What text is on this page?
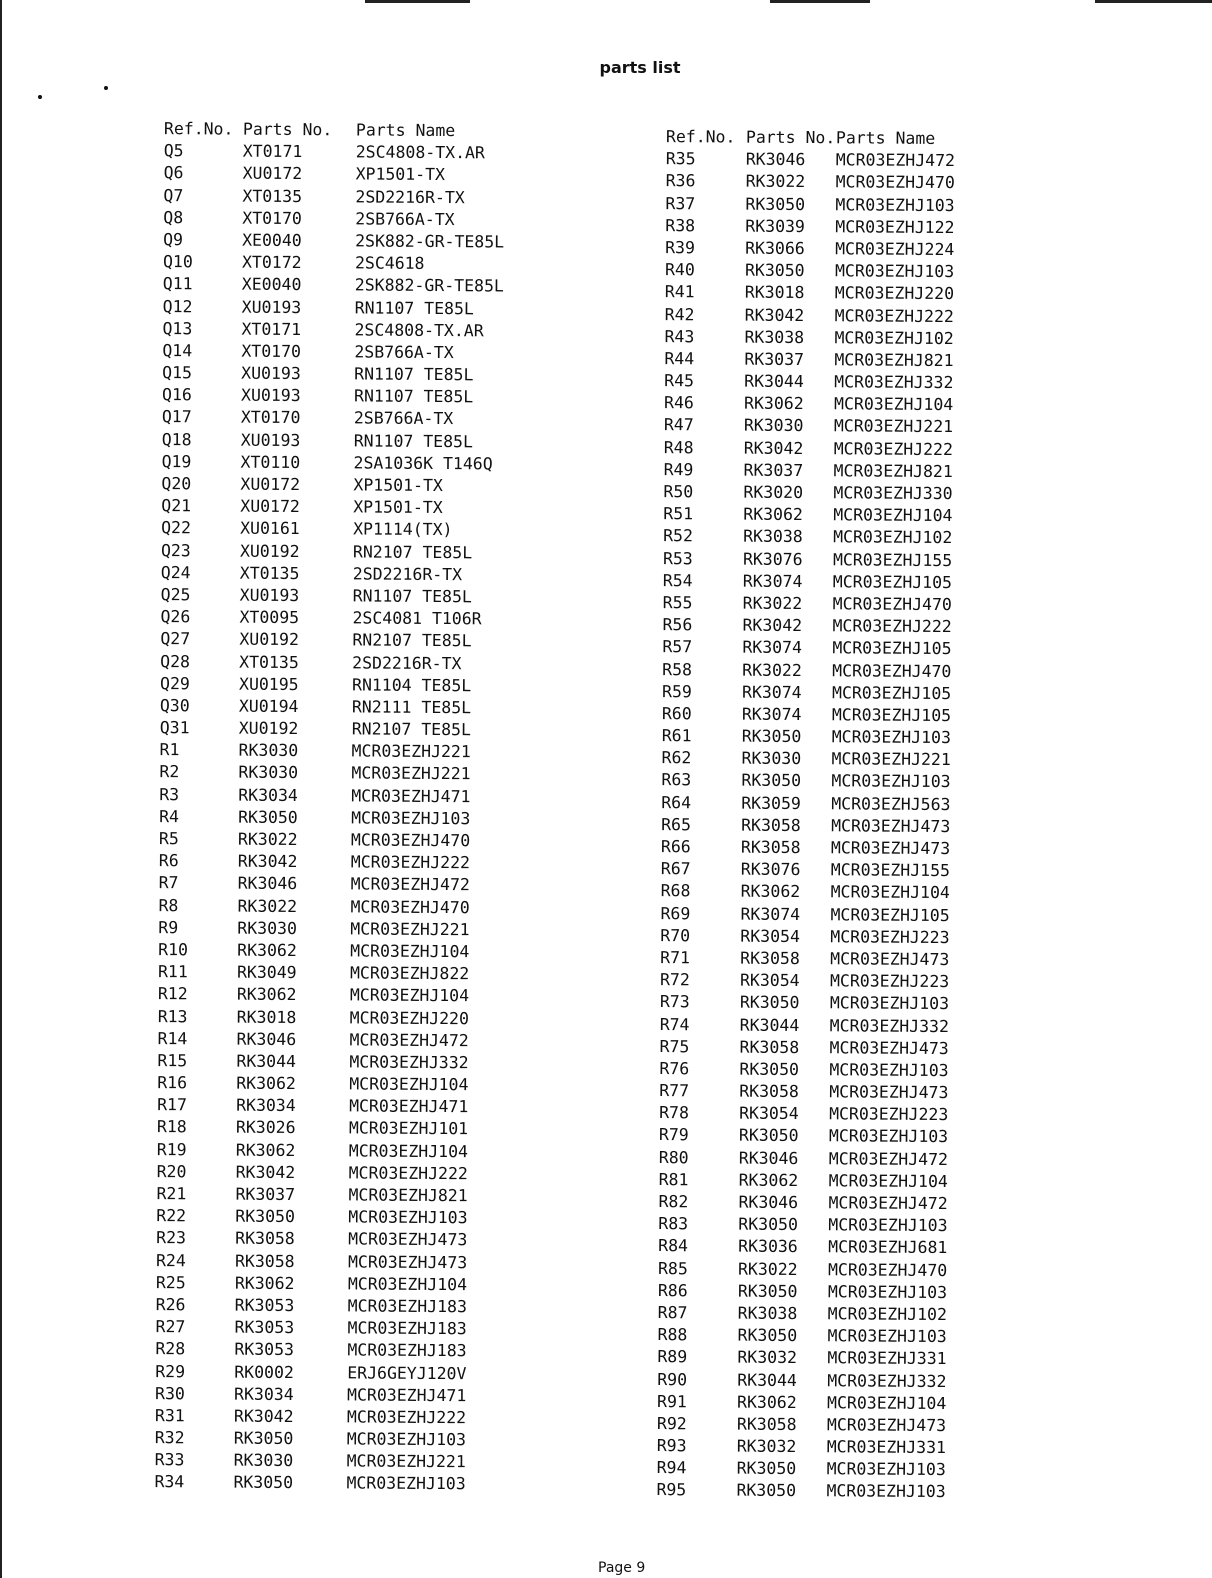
parts list
Ref.No. Parts No.	Parts Name
Q5	XT0171	2SC4808-TX.AR
Q6	XU0172	XP1501-TX
Q7	XT0135	2SD2216R-TX
Q8	XT0170	2SB766A-TX
Q9	XE0040	2SK882-GR-TE85L
Q10	XT0172	2SC4618
Q11	XE0040	2SK882-GR-TE85L
Q12	XU0193	RN1107 TE85L
Q13	XT0171	2SC4808-TX.AR
Q14	XT0170	2SB766A-TX
Q15	XU0193	RN1107 TE85L
Q16	XU0193	RN1107 TE85L
Q17	XT0170	2SB766A-TX
Q18	XU0193	RN1107 TE85L
Q19	XT0110	2SA1036K T146Q
Q20	XU0172	XP1501-TX
Q21	XU0172	XP1501-TX
Q22	XU0161	XP1114(TX)
Q23	XU0192	RN2107 TE85L
Q24	XT0135	2SD2216R-TX
Q25	XU0193	RN1107 TE85L
Q26	XT0095	2SC4081 T106R
Q27	XU0192	RN2107 TE85L
Q28	XT0135	2SD2216R-TX
Q29	XU0195	RN1104 TE85L
Q30	XU0194	RN2111 TE85L
Q31	XU0192	RN2107 TE85L
R1	RK3030	MCR03EZHJ221
R2	RK3030	MCR03EZHJ221
R3	RK3034	MCR03EZHJ471
R4	RK3050	MCR03EZHJ103
R5	RK3022	MCR03EZHJ470
R6	RK3042	MCR03EZHJ222
R7	RK3046	MCR03EZHJ472
R8	RK3022	MCR03EZHJ470
R9	RK3030	MCR03EZHJ221
R10	RK3062	MCR03EZHJ104
R11	RK3049	MCR03EZHJ822
R12	RK3062	MCR03EZHJ104
R13	RK3018	MCR03EZHJ220
R14	RK3046	MCR03EZHJ472
R15	RK3044	MCR03EZHJ332
R16	RK3062	MCR03EZHJ104
R17	RK3034	MCR03EZHJ471
R18	RK3026	MCR03EZHJ101
R19	RK3062	MCR03EZHJ104
R20	RK3042	MCR03EZHJ222
R21	RK3037	MCR03EZHJ821
R22	RK3050	MCR03EZHJ103
R23	RK3058	MCR03EZHJ473
R24	RK3058	MCR03EZHJ473
R25	RK3062	MCR03EZHJ104
R26	RK3053	MCR03EZHJ183
R27	RK3053	MCR03EZHJ183
R28	RK3053	MCR03EZHJ183
R29	RK0002	ERJ6GEYJ120V
R30	RK3034	MCR03EZHJ471
R31	RK3042	MCR03EZHJ222
R32	RK3050	MCR03EZHJ103
R33	RK3030	MCR03EZHJ221
R34	RK3050	MCR03EZHJ103
Ref.No. Parts No. Parts Name
R35	RK3046	MCR03EZHJ472
R36	RK3022	MCR03EZHJ470
R37	RK3050	MCR03EZHJ103
R38	RK3039	MCR03EZHJ122
R39	RK3066	MCR03EZHJ224
R40	RK3050	MCR03EZHJ103
R41	RK3018	MCR03EZHJ220
R42	RK3042	MCR03EZHJ222
R43	RK3038	MCR03EZHJ102
R44	RK3037	MCR03EZHJ821
R45	RK3044	MCR03EZHJ332
R46	RK3062	MCR03EZHJ104
R47	RK3030	MCR03EZHJ221
R48	RK3042	MCR03EZHJ222
R49	RK3037	MCR03EZHJ821
R50	RK3020	MCR03EZHJ330
R51	RK3062	MCR03EZHJ104
R52	RK3038	MCR03EZHJ102
R53	RK3076	MCR03EZHJ155
R54	RK3074	MCR03EZHJ105
R55	RK3022	MCR03EZHJ470
R56	RK3042	MCR03EZHJ222
R57	RK3074	MCR03EZHJ105
R58	RK3022	MCR03EZHJ470
R59	RK3074	MCR03EZHJ105
R60	RK3074	MCR03EZHJ105
R61	RK3050	MCR03EZHJ103
R62	RK3030	MCR03EZHJ221
R63	RK3050	MCR03EZHJ103
R64	RK3059	MCR03EZHJ563
R65	RK3058	MCR03EZHJ473
R66	RK3058	MCR03EZHJ473
R67	RK3076	MCR03EZHJ155
R68	RK3062	MCR03EZHJ104
R69	RK3074	MCR03EZHJ105
R70	RK3054	MCR03EZHJ223
R71	RK3058	MCR03EZHJ473
R72	RK3054	MCR03EZHJ223
R73	RK3050	MCR03EZHJ103
R74	RK3044	MCR03EZHJ332
R75	RK3058	MCR03EZHJ473
R76	RK3050	MCR03EZHJ103
R77	RK3058	MCR03EZHJ473
R78	RK3054	MCR03EZHJ223
R79	RK3050	MCR03EZHJ103
R80	RK3046	MCR03EZHJ472
R81	RK3062	MCR03EZHJ104
R82	RK3046	MCR03EZHJ472
R83	RK3050	MCR03EZHJ103
R84	RK3036	MCR03EZHJ681
R85	RK3022	MCR03EZHJ470
R86	RK3050	MCR03EZHJ103
R87	RK3038	MCR03EZHJ102
R88	RK3050	MCR03EZHJ103
R89	RK3032	MCR03EZHJ331
R90	RK3044	MCR03EZHJ332
R91	RK3062	MCR03EZHJ104
R92	RK3058	MCR03EZHJ473
R93	RK3032	MCR03EZHJ331
R94	RK3050	MCR03EZHJ103
R95	RK3050	MCR03EZHJ103
Page 9
